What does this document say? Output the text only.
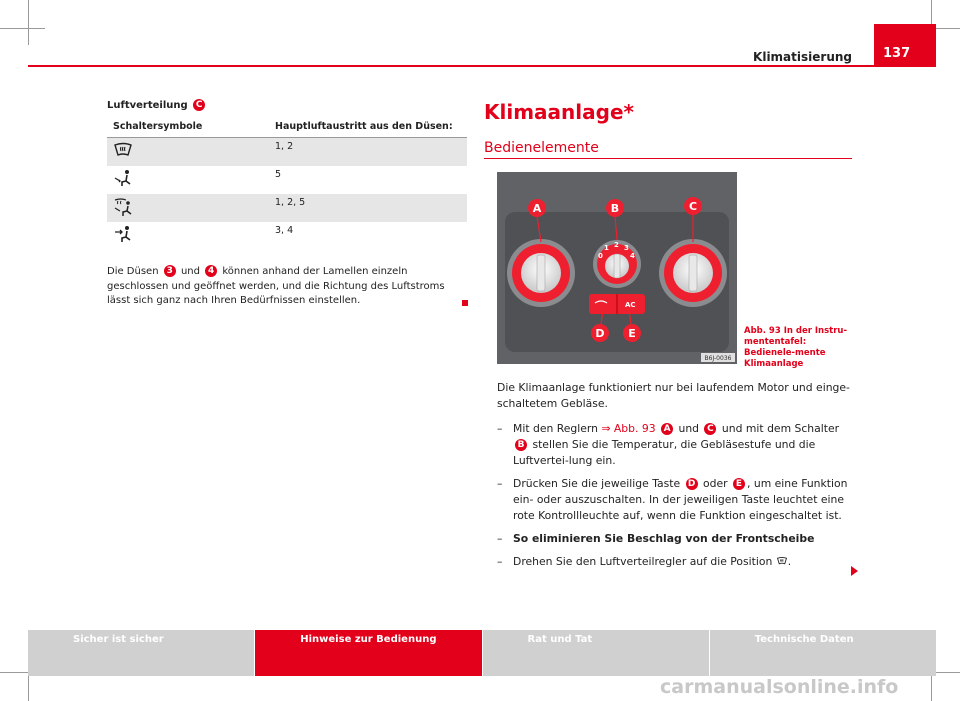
Klimatisierung	137
Luftverteilung C
Schaltersymbole	Hauptluftaustritt aus den Düsen:
	1, 2
	5
	1, 2, 5
	3, 4
Die Düsen 3 und 4 können anhand der Lamellen einzeln geschlossen und geöffnet werden, und die Richtung des Luftstroms lässt sich ganz nach Ihren Bedürfnissen einstellen.
Klimaanlage*
Bedienelemente
0
1 2 3
4
AC
A	B	C
D E
B6J-0036
Abb. 93 In der Instru-mententafel: Bedienele-mente Klimaanlage

Die Klimaanlage funktioniert nur bei laufendem Motor und einge-schaltetem Gebläse.

– Mit den Reglern ⇒ Abb. 93 A und C und mit dem Schalter B stellen Sie die Temperatur, die Gebläsestufe und die Luftvertei-lung ein.
– Drücken Sie die jeweilige Taste D oder E , um eine Funktion ein- oder auszuschalten. In der jeweiligen Taste leuchtet eine rote Kontrollleuchte auf, wenn die Funktion eingeschaltet ist.
– So eliminieren Sie Beschlag von der Frontscheibe
– Drehen Sie den Luftverteilregler auf die Position .
Sicher ist sicher	Hinweise zur Bedienung	Rat und Tat	Technische Daten
carmanualsonline.info
